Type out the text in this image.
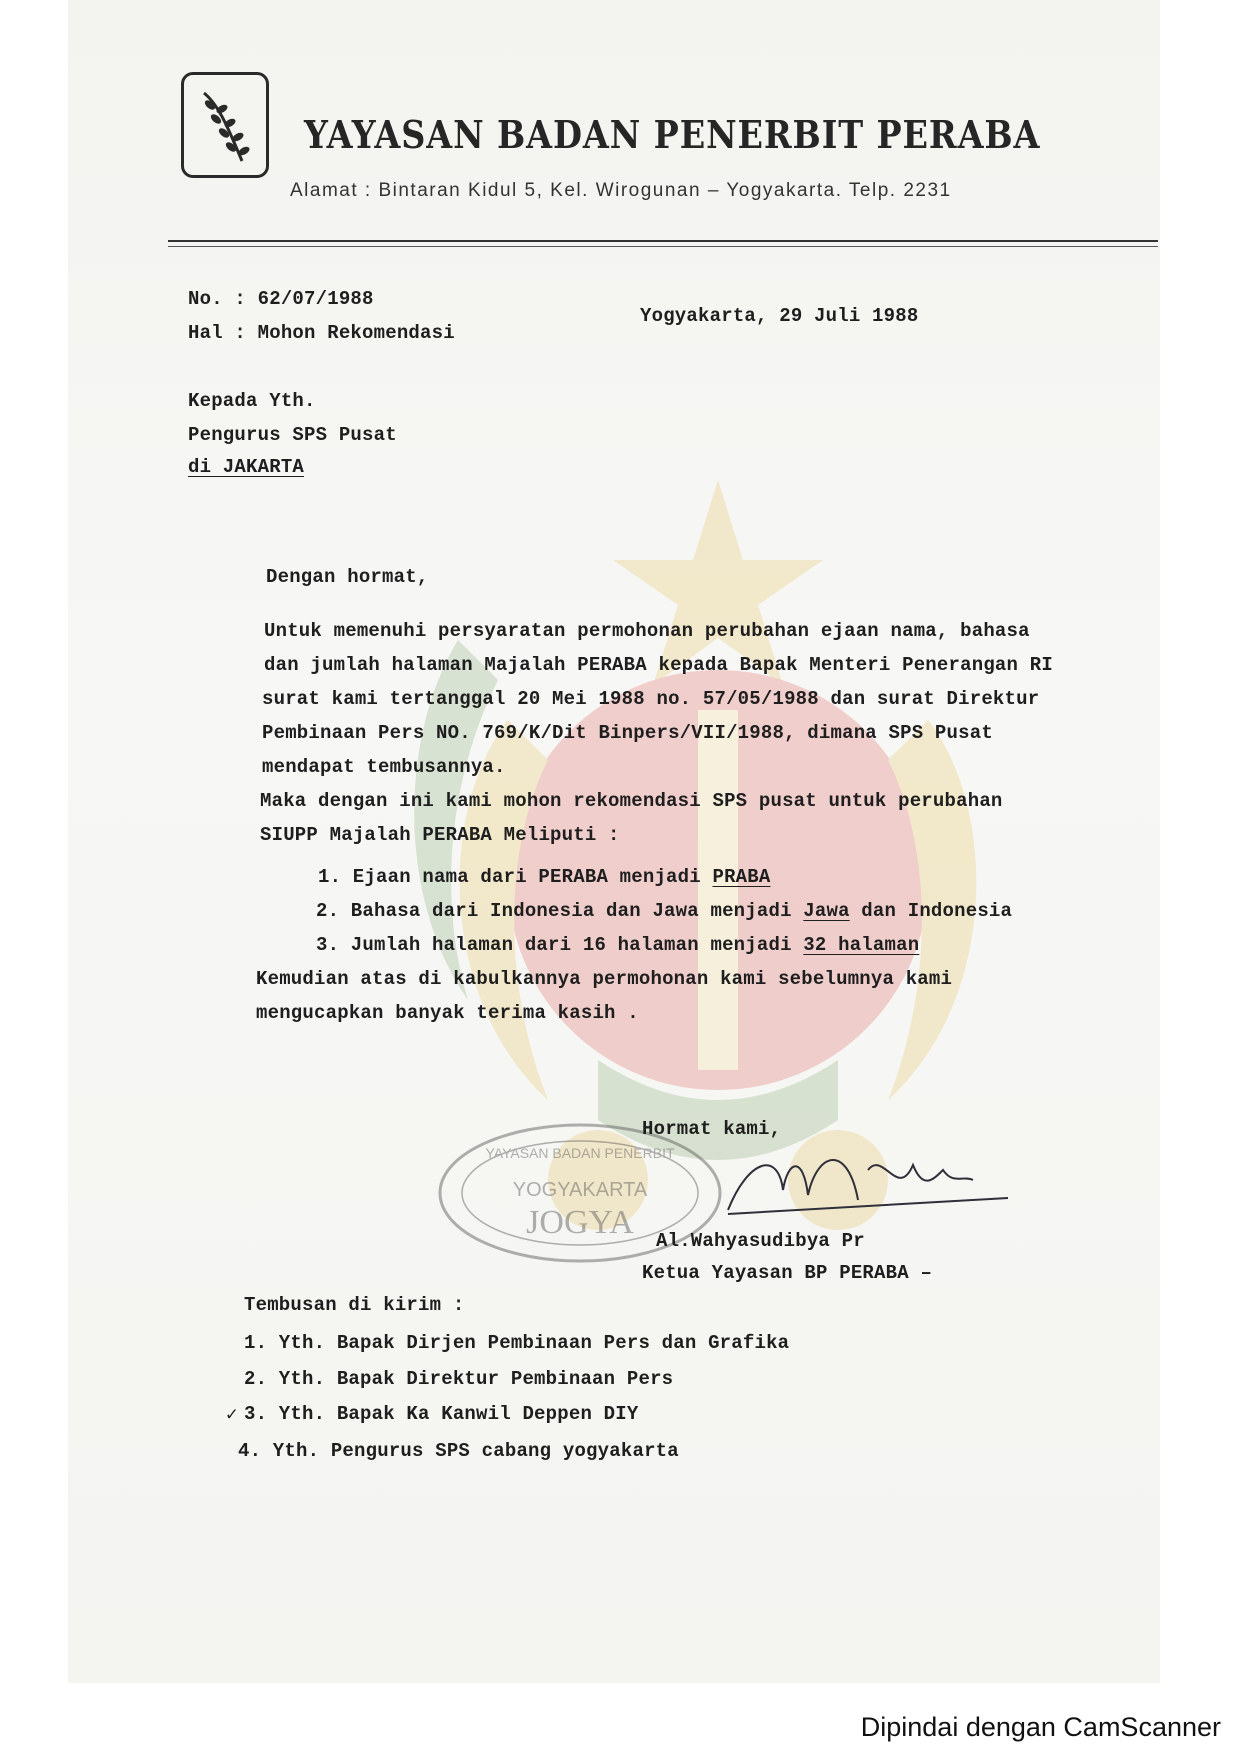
YAYASAN BADAN PENERBIT PERABA
Alamat : Bintaran Kidul 5, Kel. Wirogunan – Yogyakarta. Telp. 2231
No. : 62/07/1988
Hal : Mohon Rekomendasi
Yogyakarta, 29 Juli 1988
Kepada Yth.
Pengurus SPS Pusat
di JAKARTA
Dengan hormat,
Untuk memenuhi persyaratan permohonan perubahan ejaan nama, bahasa
dan jumlah halaman Majalah PERABA kepada Bapak Menteri Penerangan RI
surat kami tertanggal 20 Mei 1988 no. 57/05/1988 dan surat Direktur
Pembinaan Pers NO. 769/K/Dit Binpers/VII/1988, dimana SPS Pusat
mendapat tembusannya.
Maka dengan ini kami mohon rekomendasi SPS pusat untuk perubahan
SIUPP Majalah PERABA Meliputi :
1. Ejaan nama dari PERABA menjadi PRABA
2. Bahasa dari Indonesia dan Jawa menjadi Jawa dan Indonesia
3. Jumlah halaman dari 16 halaman menjadi 32 halaman
Kemudian atas di kabulkannya permohonan kami sebelumnya kami
mengucapkan banyak terima kasih .
YAYASAN BADAN PENERBIT
YOGYAKARTA
JOGYA
Hormat kami,
Al.Wahyasudibya Pr
Ketua Yayasan BP PERABA –
Tembusan di kirim :
1. Yth. Bapak Dirjen Pembinaan Pers dan Grafika
2. Yth. Bapak Direktur Pembinaan Pers
✓ 3. Yth. Bapak Ka Kanwil Deppen DIY
4. Yth. Pengurus SPS cabang yogyakarta
Dipindai dengan CamScanner
